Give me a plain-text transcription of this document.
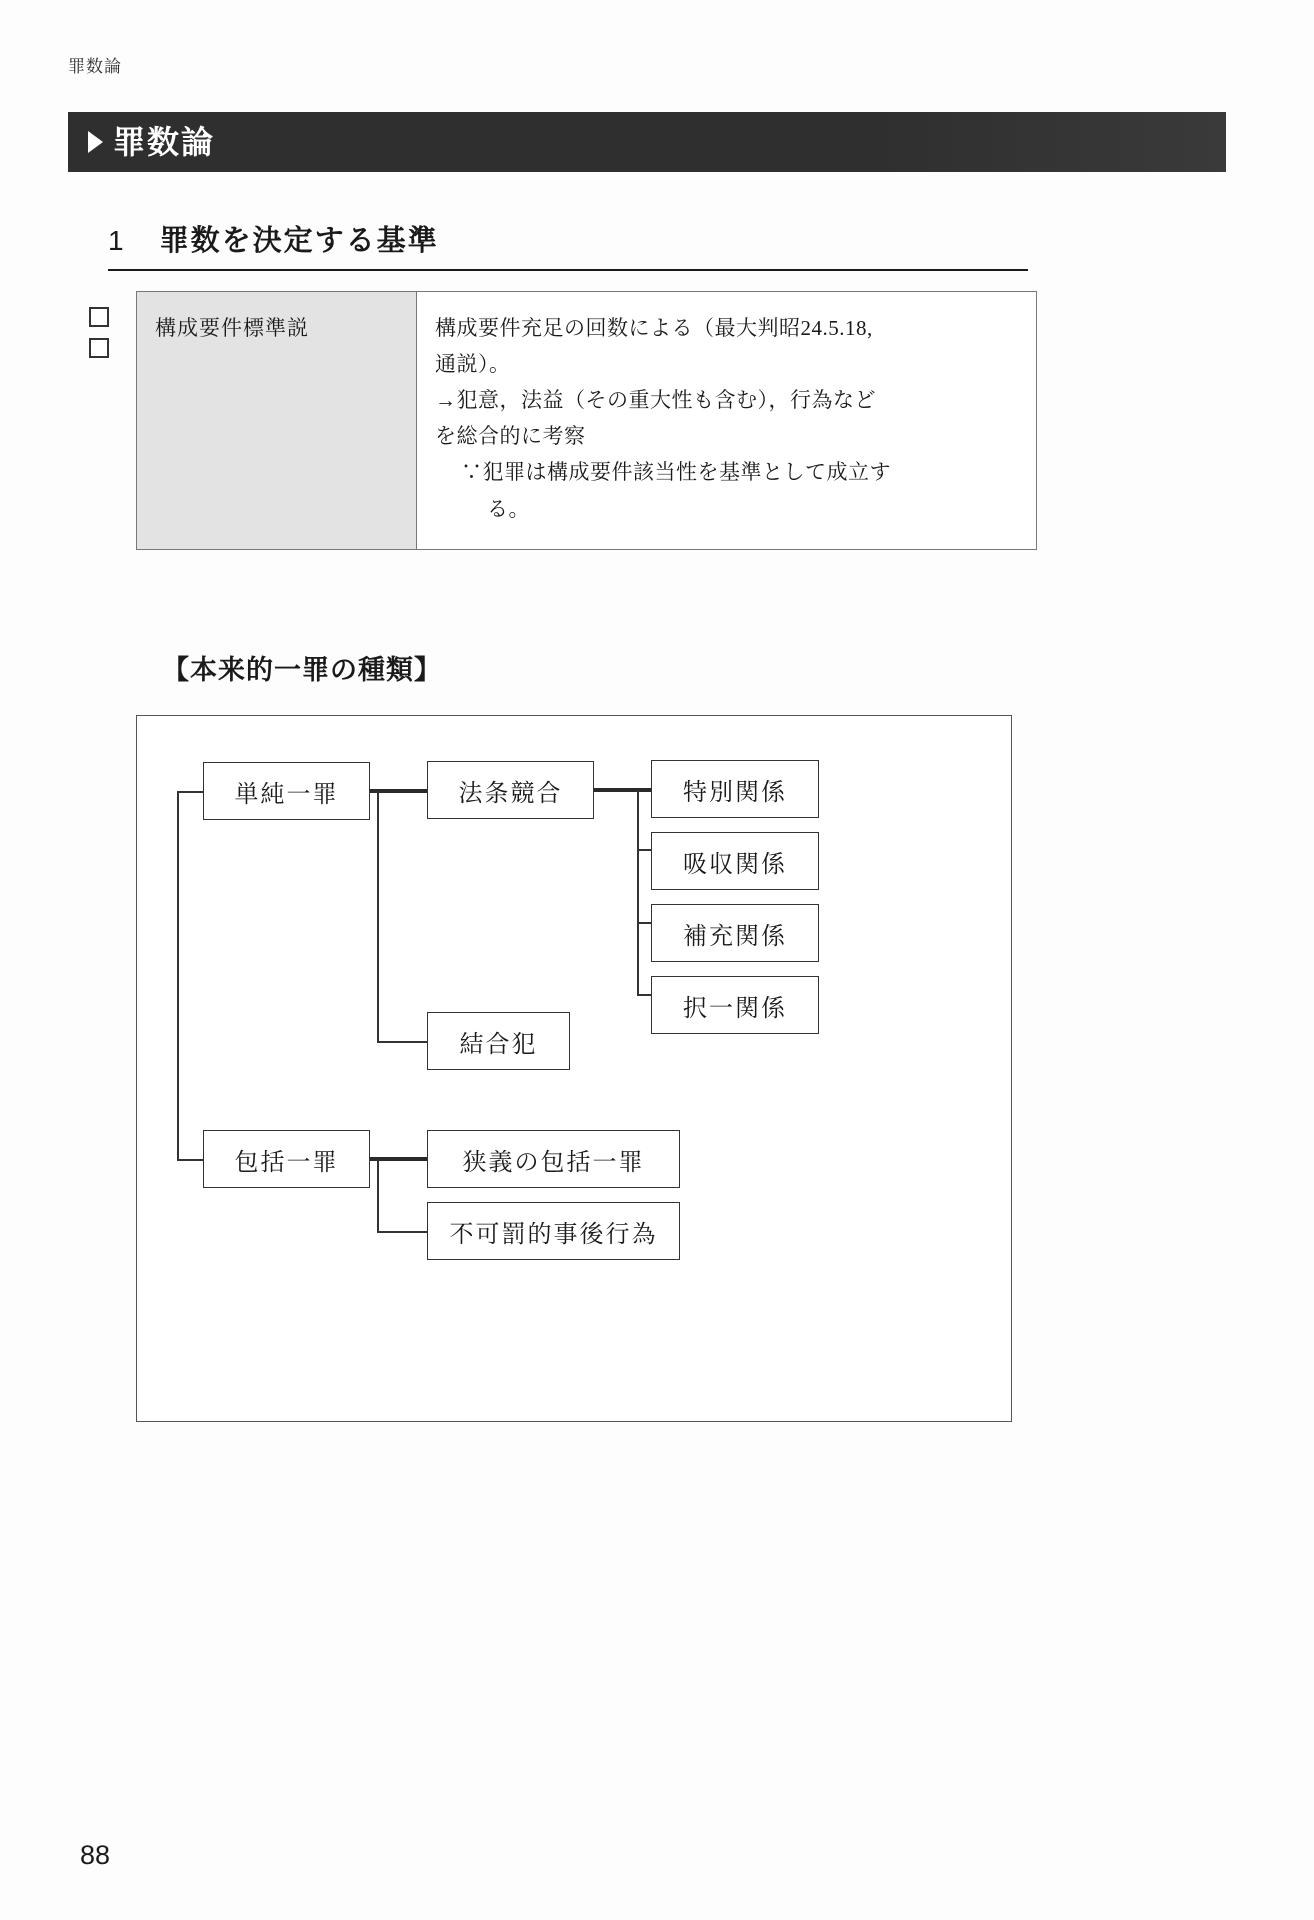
罪数論
罪数論
1 罪数を決定する基準
構成要件標準説	構成要件充足の回数による（最大判昭24.5.18,
通説）。
→犯意，法益（その重大性も含む），行為など
を総合的に考察
∵犯罪は構成要件該当性を基準として成立す
る。
【本来的一罪の種類】
単純一罪	法条競合	特別関係
吸収関係
補充関係
択一関係
結合犯
包括一罪	狭義の包括一罪
不可罰的事後行為
88
